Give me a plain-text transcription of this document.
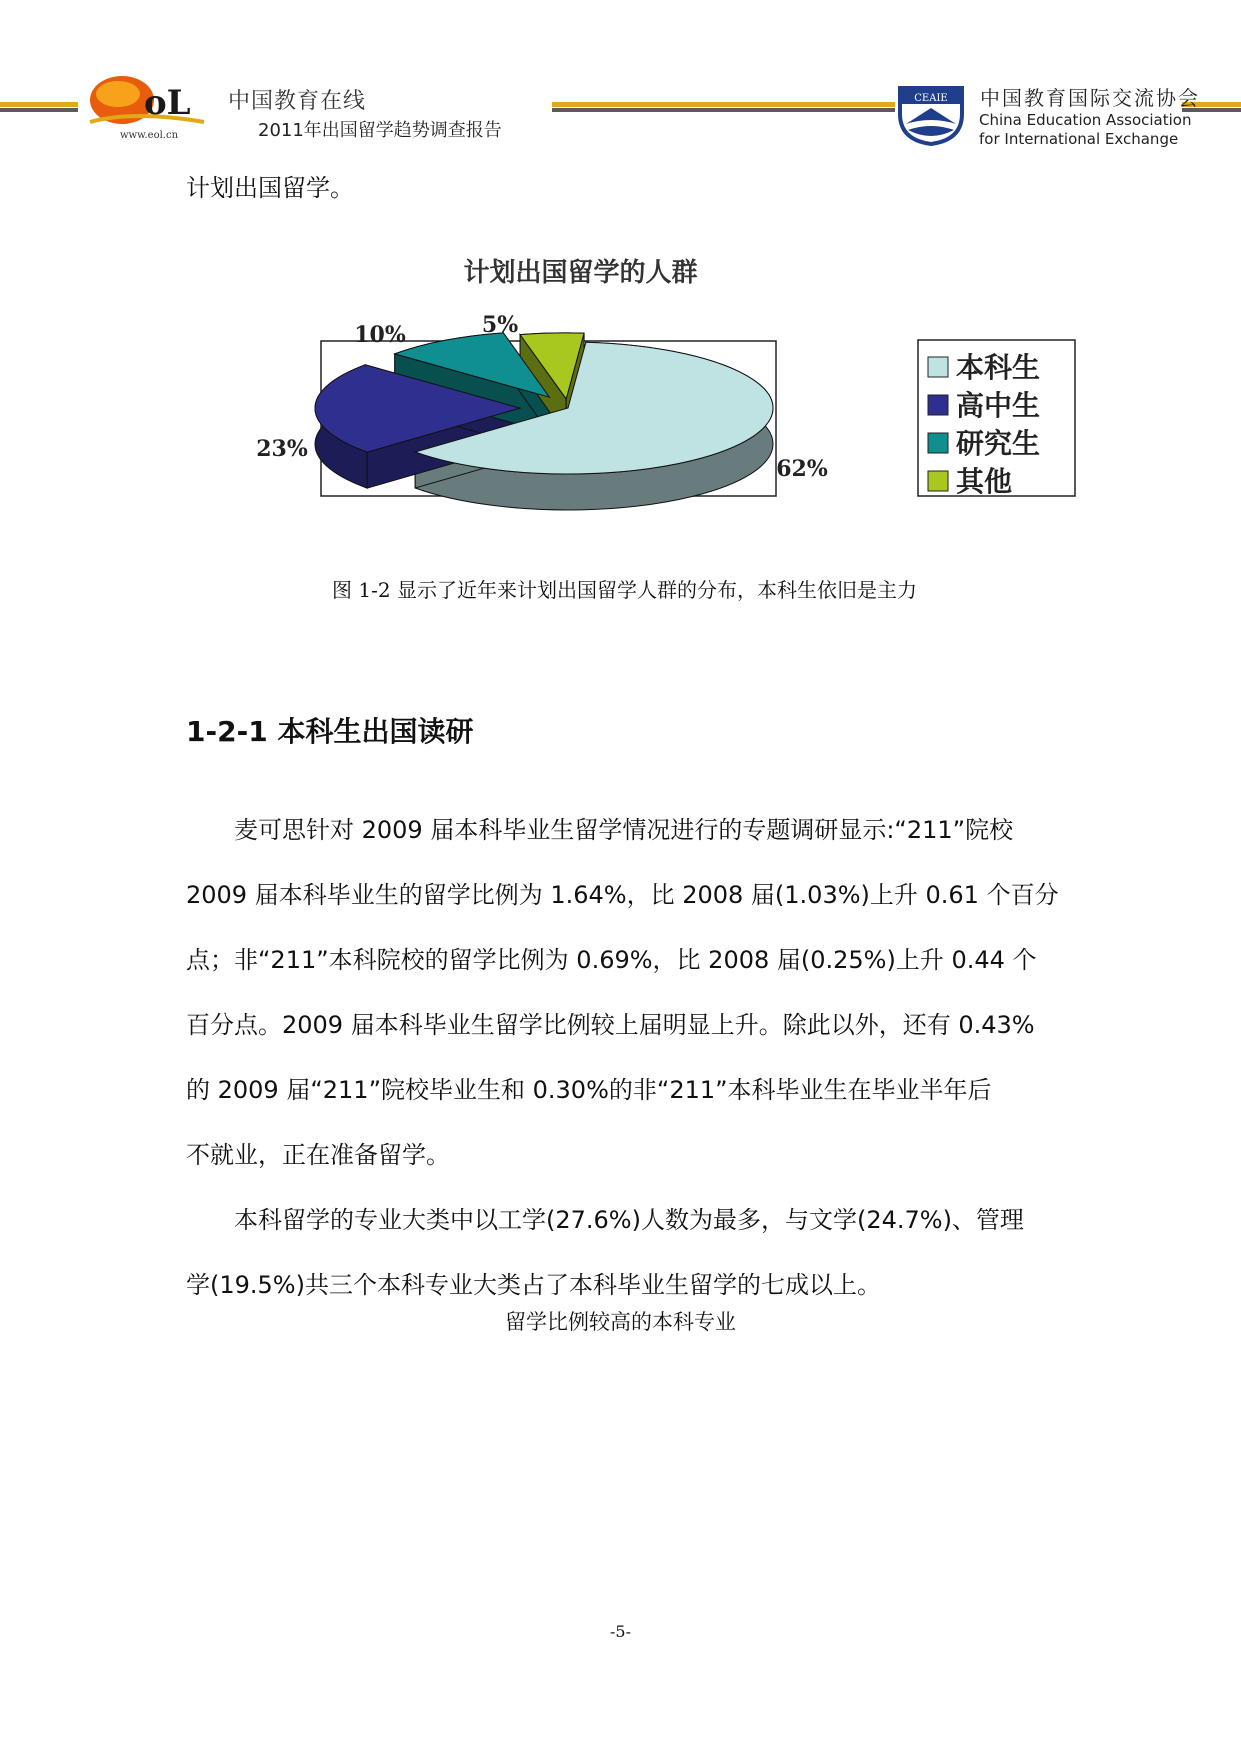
oL
www.eol.cn
中国教育在线
2011年出国留学趋势调查报告
CEAIE 中国教育国际交流协会
China Education Association
for International Exchange
计划出国留学。
计划出国留学的人群
62%
23%
10%	5%
本科生
高中生
研究生
其他
图 1-2 显示了近年来计划出国留学人群的分布，本科生依旧是主力
1-2-1 本科生出国读研
　　麦可思针对 2009 届本科毕业生留学情况进行的专题调研显示:“211”院校
2009 届本科毕业生的留学比例为 1.64%，比 2008 届(1.03%)上升 0.61 个百分
点；非“211”本科院校的留学比例为 0.69%，比 2008 届(0.25%)上升 0.44 个
百分点。2009 届本科毕业生留学比例较上届明显上升。除此以外，还有 0.43%
的 2009 届“211”院校毕业生和 0.30%的非“211”本科毕业生在毕业半年后
不就业，正在准备留学。
　　本科留学的专业大类中以工学(27.6%)人数为最多，与文学(24.7%)、管理
学(19.5%)共三个本科专业大类占了本科毕业生留学的七成以上。
留学比例较高的本科专业
-5-
